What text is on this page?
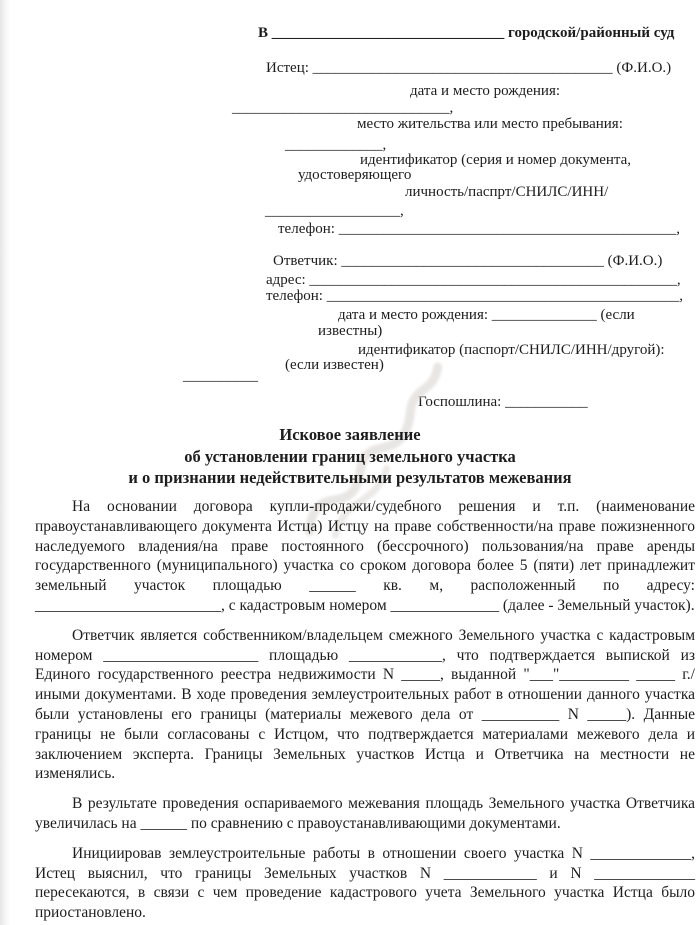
В _______________________________ городской/районный суд
Истец: ________________________________________ (Ф.И.О.)
дата и место рождения:
_____________________________,
место жительства или место пребывания:
_____________,
идентификатор (серия и номер документа,
удостоверяющего
личность/паспрт/СНИЛС/ИНН/
__________________,
телефон: _____________________________________________,
Ответчик: ___________________________________ (Ф.И.О.)
адрес: _________________________________________________,
телефон: _______________________________________________,
дата и место рождения: ______________ (если
известны)
идентификатор (паспорт/СНИЛС/ИНН/другой):
(если известен)
__________
Госпошлина: ___________
Исковое заявление
об установлении границ земельного участка
и о признании недействительными результатов межевания

На основании договора купли-продажи/судебного решения и т.п. (наименование правоустанавливающего документа Истца) Истцу на праве собственности/на праве пожизненного наследуемого владения/на праве постоянного (бессрочного) пользования/на праве аренды государственного (муниципального) участка со сроком договора более 5 (пяти) лет принадлежит земельный участок площадью ______ кв. м, расположенный по адресу: ________________________, с кадастровым номером ______________ (далее - Земельный участок).

Ответчик является собственником/владельцем смежного Земельного участка с кадастровым номером ____________________ площадью ____________, что подтверждается выпиской из Единого государственного реестра недвижимости N _____, выданной "___"_________ _____ г./иными документами. В ходе проведения землеустроительных работ в отношении данного участка были установлены его границы (материалы межевого дела от __________ N _____). Данные границы не были согласованы с Истцом, что подтверждается материалами межевого дела и заключением эксперта. Границы Земельных участков Истца и Ответчика на местности не изменялись.

В результате проведения оспариваемого межевания площадь Земельного участка Ответчика увеличилась на ______ по сравнению с правоустанавливающими документами.

Инициировав землеустроительные работы в отношении своего участка N _____________, Истец выяснил, что границы Земельных участков N ____________ и N _____________ пересекаются, в связи с чем проведение кадастрового учета Земельного участка Истца было приостановлено.
